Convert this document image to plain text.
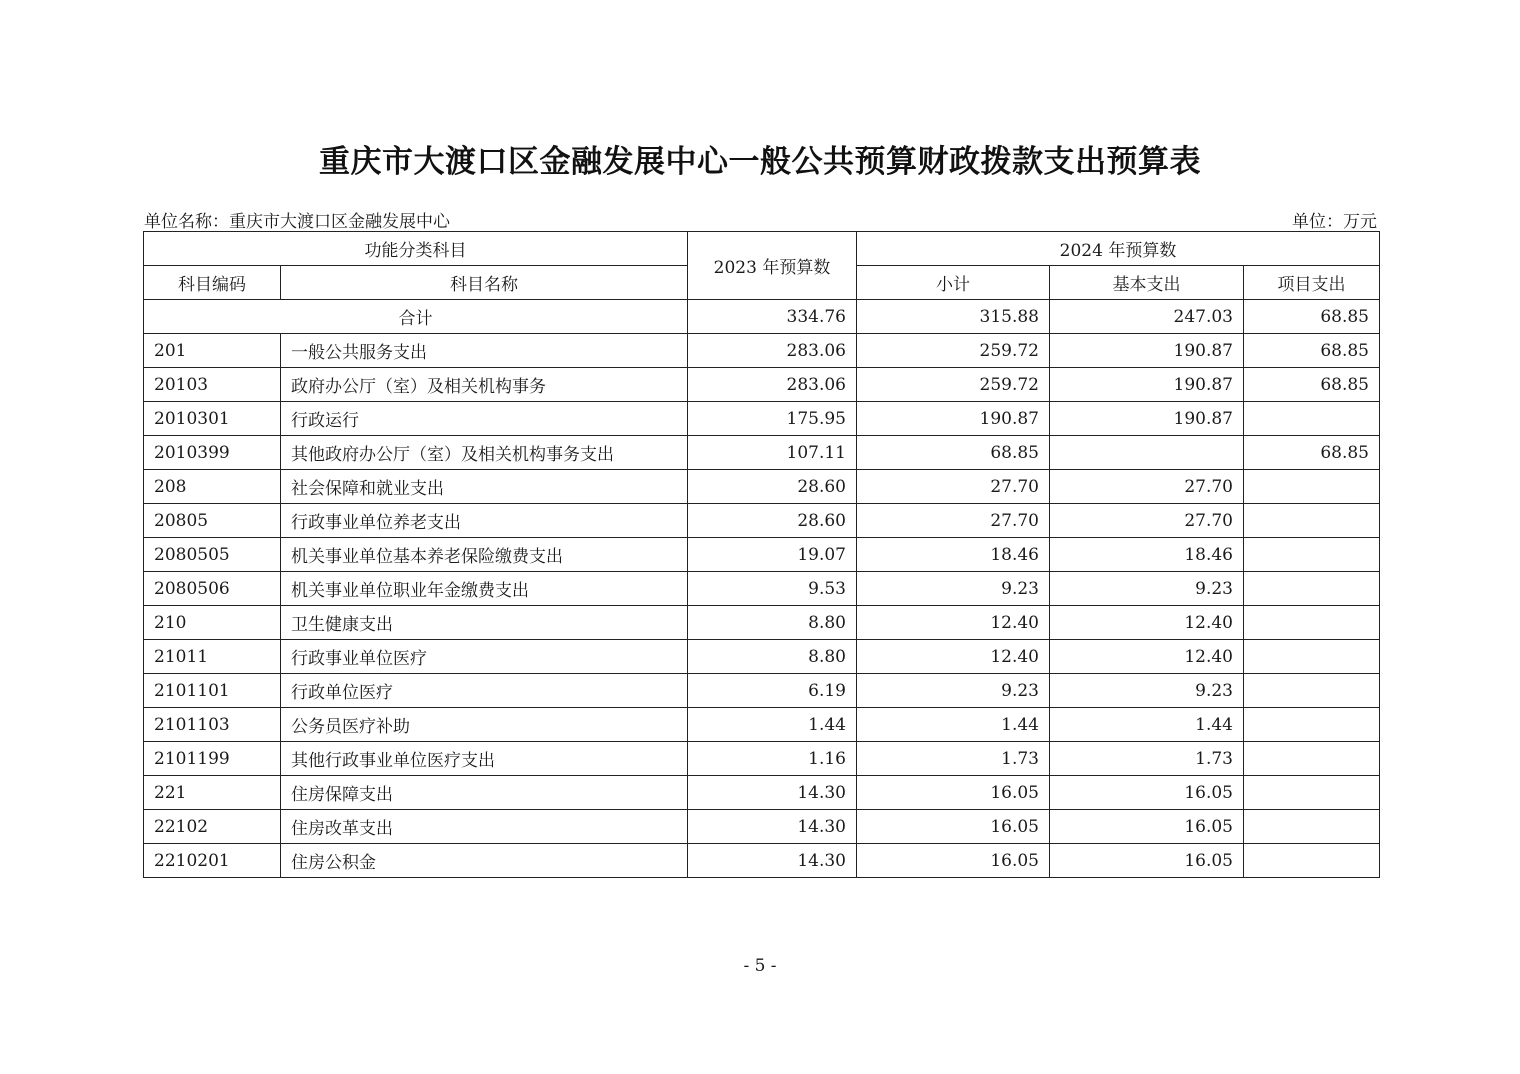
重庆市大渡口区金融发展中心一般公共预算财政拨款支出预算表
单位名称：重庆市大渡口区金融发展中心	单位：万元
功能分类科目		2023 年预算数	2024 年预算数		
科目编码	科目名称		小计	基本支出	项目支出
合计		334.76	315.88	247.03	68.85
201	一般公共服务支出	283.06	259.72	190.87	68.85
20103	政府办公厅（室）及相关机构事务	283.06	259.72	190.87	68.85
2010301	行政运行	175.95	190.87	190.87	
2010399	其他政府办公厅（室）及相关机构事务支出	107.11	68.85		68.85
208	社会保障和就业支出	28.60	27.70	27.70	
20805	行政事业单位养老支出	28.60	27.70	27.70	
2080505	机关事业单位基本养老保险缴费支出	19.07	18.46	18.46	
2080506	机关事业单位职业年金缴费支出	9.53	9.23	9.23	
210	卫生健康支出	8.80	12.40	12.40	
21011	行政事业单位医疗	8.80	12.40	12.40	
2101101	行政单位医疗	6.19	9.23	9.23	
2101103	公务员医疗补助	1.44	1.44	1.44	
2101199	其他行政事业单位医疗支出	1.16	1.73	1.73	
221	住房保障支出	14.30	16.05	16.05	
22102	住房改革支出	14.30	16.05	16.05	
2210201	住房公积金	14.30	16.05	16.05	
- 5 -
